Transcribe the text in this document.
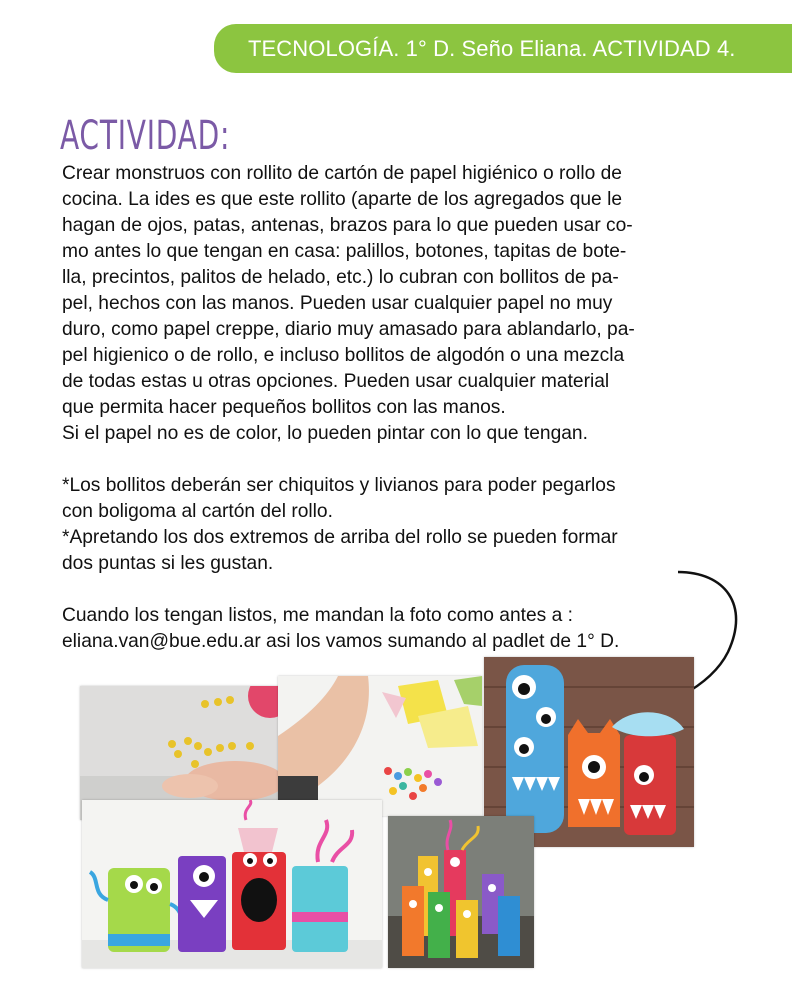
TECNOLOGÍA. 1° D. Seño Eliana. ACTIVIDAD 4.
ACTIVIDAD:

Crear monstruos con rollito de cartón de papel higiénico o rollo de

cocina. La ides es que este rollito (aparte de los agregados que le

hagan de ojos, patas, antenas, brazos para lo que pueden usar co-

mo antes lo que tengan en casa: palillos, botones, tapitas de bote-

lla, precintos, palitos de helado, etc.) lo cubran con bollitos de pa-

pel, hechos con las manos. Pueden usar cualquier papel no muy

duro, como papel creppe, diario muy amasado para ablandarlo, pa-

pel higienico o de rollo, e incluso bollitos de algodón o una mezcla

de todas estas u otras opciones. Pueden usar cualquier material

que permita hacer pequeños bollitos con las manos.

Si el papel no es de color, lo pueden pintar con lo que tengan.

*Los bollitos deberán ser chiquitos y livianos para poder pegarlos

con boligoma al cartón del rollo.

*Apretando los dos extremos de arriba del rollo se pueden formar

dos puntas si les gustan.

Cuando los tengan listos, me mandan la foto como antes a :

eliana.van@bue.edu.ar asi los vamos sumando al padlet de 1° D.
